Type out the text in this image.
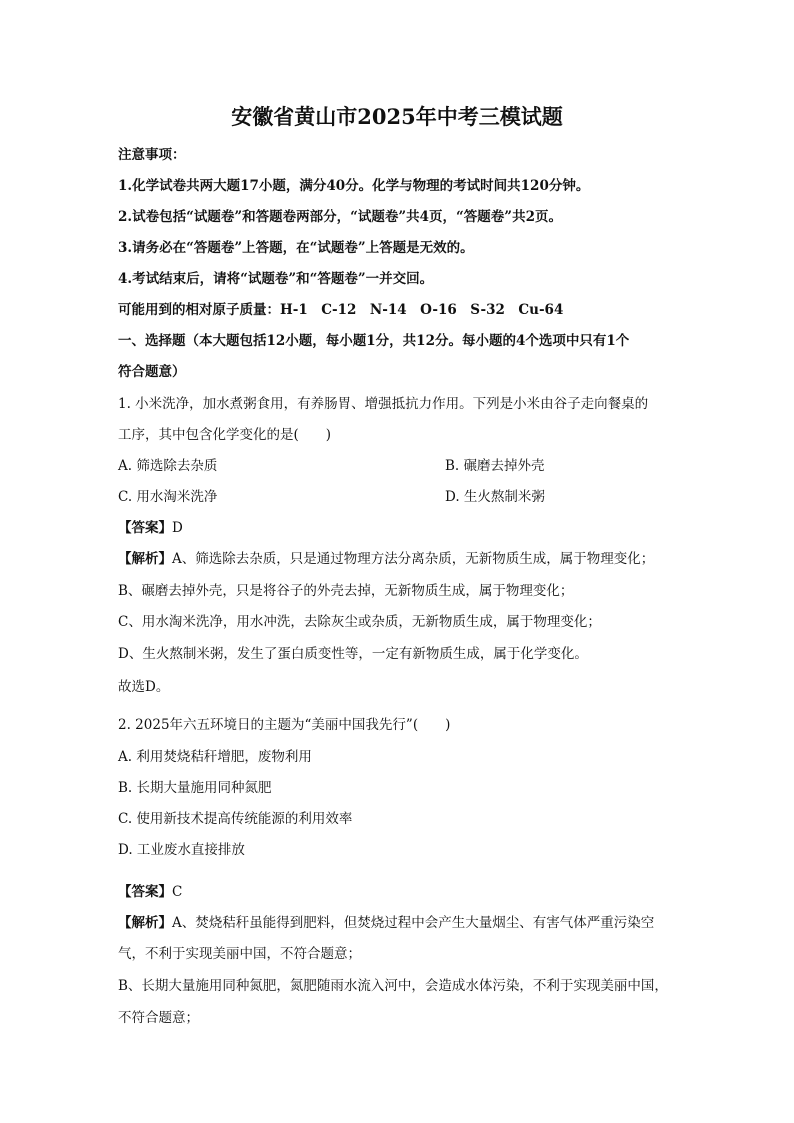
安徽省黄山市2025年中考三模试题
注意事项：
1.化学试卷共两大题17小题，满分40分。化学与物理的考试时间共120分钟。
2.试卷包括“试题卷”和答题卷两部分，“试题卷”共4页，“答题卷”共2页。
3.请务必在“答题卷”上答题，在“试题卷”上答题是无效的。
4.考试结束后，请将“试题卷”和“答题卷”一并交回。
可能用到的相对原子质量：H-1　C-12　N-14　O-16　S-32　Cu-64
一、选择题（本大题包括12小题，每小题1分，共12分。每小题的4个选项中只有1个
符合题意）
1. 小米洗净，加水煮粥食用，有养肠胃、增强抵抗力作用。下列是小米由谷子走向餐桌的
工序，其中包含化学变化的是(　　)
A. 筛选除去杂质	B. 碾磨去掉外壳
C. 用水淘米洗净	D. 生火熬制米粥
【答案】D
【解析】A、筛选除去杂质，只是通过物理方法分离杂质，无新物质生成，属于物理变化；
B、碾磨去掉外壳，只是将谷子的外壳去掉，无新物质生成，属于物理变化；
C、用水淘米洗净，用水冲洗，去除灰尘或杂质，无新物质生成，属于物理变化；
D、生火熬制米粥，发生了蛋白质变性等，一定有新物质生成，属于化学变化。
故选D。
2. 2025年六五环境日的主题为“美丽中国我先行”(　　)
A. 利用焚烧秸秆增肥，废物利用
B. 长期大量施用同种氮肥
C. 使用新技术提高传统能源的利用效率
D. 工业废水直接排放
【答案】C
【解析】A、焚烧秸秆虽能得到肥料，但焚烧过程中会产生大量烟尘、有害气体严重污染空
气，不利于实现美丽中国，不符合题意；
B、长期大量施用同种氮肥，氮肥随雨水流入河中，会造成水体污染，不利于实现美丽中国，
不符合题意；
